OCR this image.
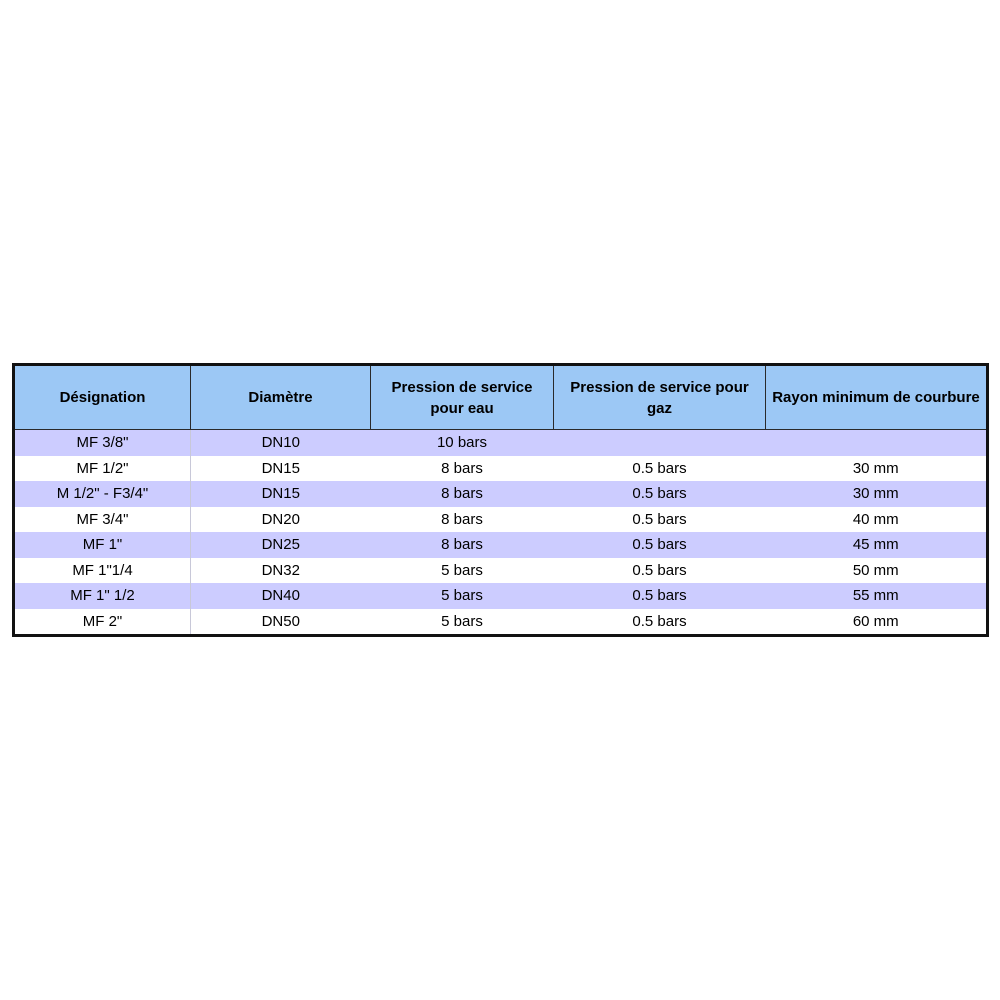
Désignation	Diamètre	Pression de service pour eau	Pression de service pour gaz	Rayon minimum de courbure
MF 3/8"	DN10	10 bars		
MF 1/2"	DN15	8 bars	0.5 bars	30 mm
M 1/2" - F3/4"	DN15	8 bars	0.5 bars	30 mm
MF 3/4"	DN20	8 bars	0.5 bars	40 mm
MF 1"	DN25	8 bars	0.5 bars	45 mm
MF 1"1/4	DN32	5 bars	0.5 bars	50 mm
MF 1" 1/2	DN40	5 bars	0.5 bars	55 mm
MF 2"	DN50	5 bars	0.5 bars	60 mm
